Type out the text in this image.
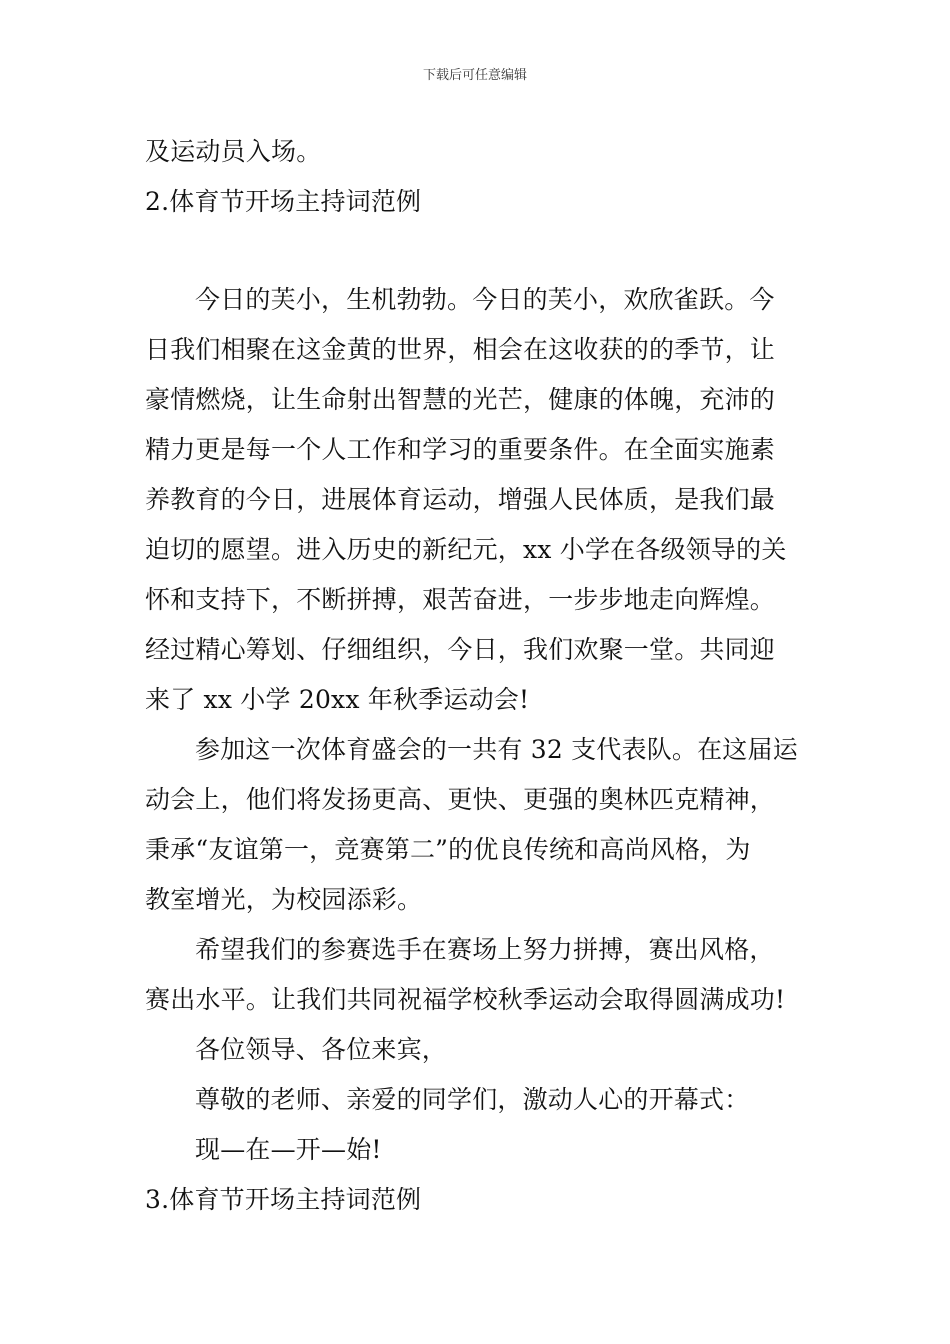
下载后可任意编辑
及运动员入场。
2.体育节开场主持词范例
今日的芙小，生机勃勃。今日的芙小，欢欣雀跃。今
日我们相聚在这金黄的世界，相会在这收获的的季节，让
豪情燃烧，让生命射出智慧的光芒，健康的体魄，充沛的
精力更是每一个人工作和学习的重要条件。在全面实施素
养教育的今日，进展体育运动，增强人民体质，是我们最
迫切的愿望。进入历史的新纪元，xx 小学在各级领导的关
怀和支持下，不断拼搏，艰苦奋进，一步步地走向辉煌。
经过精心筹划、仔细组织，今日，我们欢聚一堂。共同迎
来了 xx 小学 20xx 年秋季运动会!
参加这一次体育盛会的一共有 32 支代表队。在这届运
动会上，他们将发扬更高、更快、更强的奥林匹克精神，
秉承“友谊第一，竞赛第二”的优良传统和高尚风格，为
教室增光，为校园添彩。
希望我们的参赛选手在赛场上努力拼搏，赛出风格，
赛出水平。让我们共同祝福学校秋季运动会取得圆满成功!
各位领导、各位来宾，
尊敬的老师、亲爱的同学们，激动人心的开幕式：
现—在—开—始!
3.体育节开场主持词范例
